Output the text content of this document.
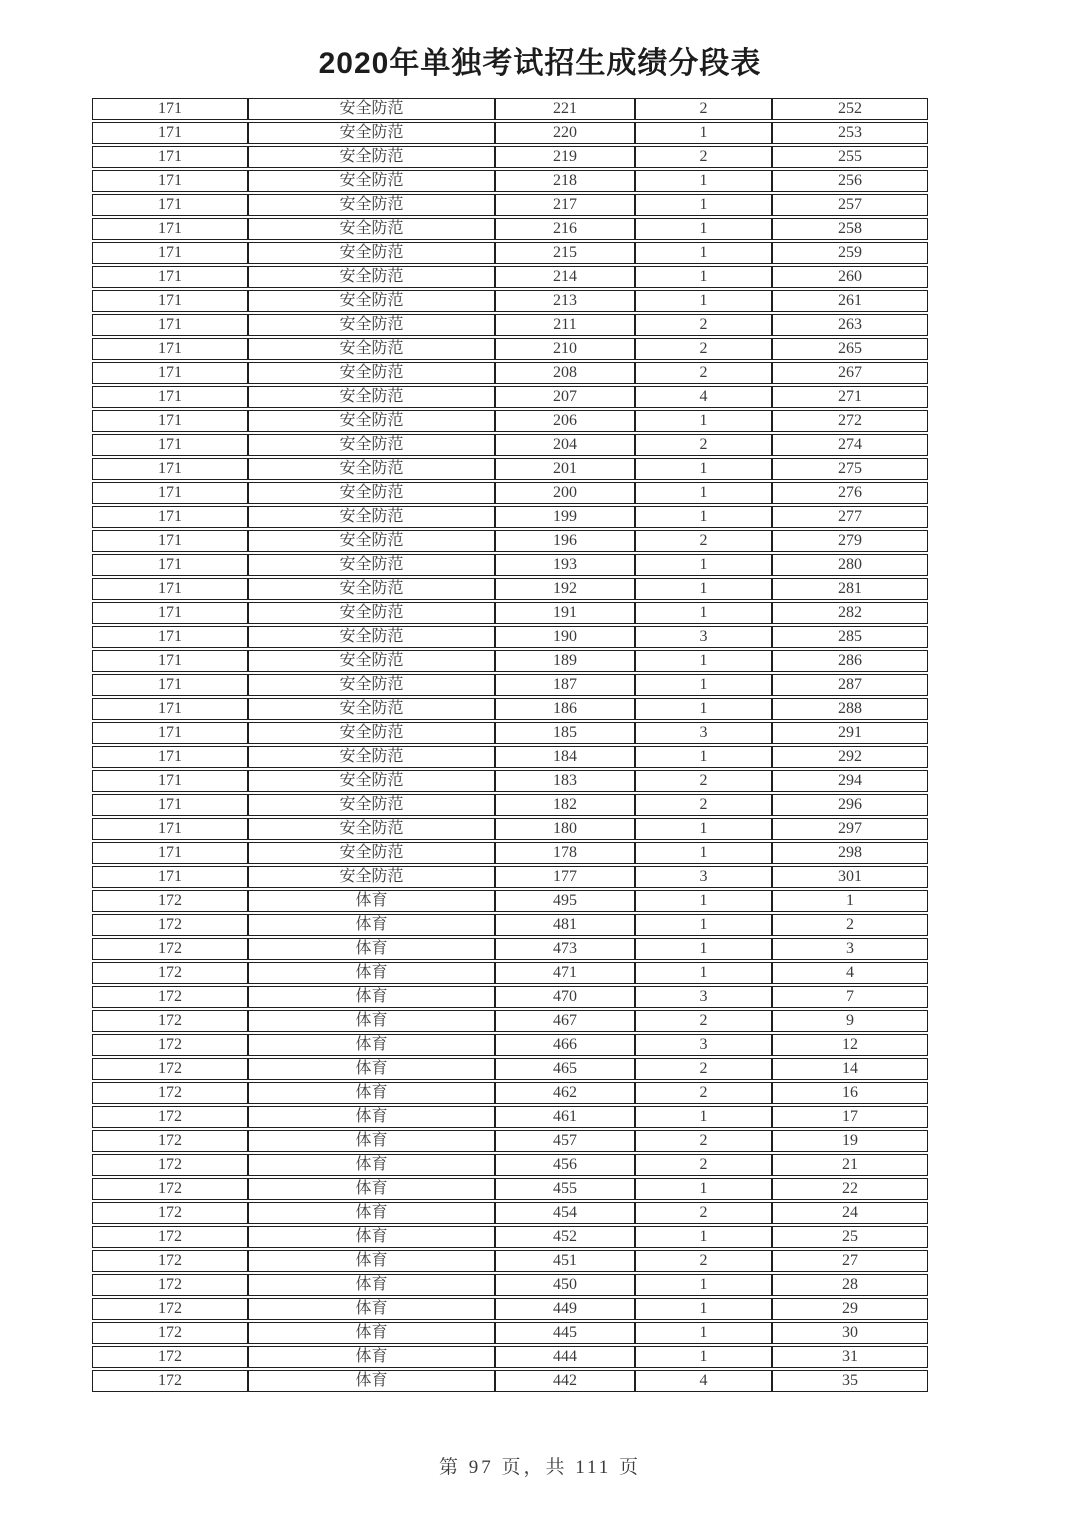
2020年单独考试招生成绩分段表
171	安全防范	221	2	252
171	安全防范	220	1	253
171	安全防范	219	2	255
171	安全防范	218	1	256
171	安全防范	217	1	257
171	安全防范	216	1	258
171	安全防范	215	1	259
171	安全防范	214	1	260
171	安全防范	213	1	261
171	安全防范	211	2	263
171	安全防范	210	2	265
171	安全防范	208	2	267
171	安全防范	207	4	271
171	安全防范	206	1	272
171	安全防范	204	2	274
171	安全防范	201	1	275
171	安全防范	200	1	276
171	安全防范	199	1	277
171	安全防范	196	2	279
171	安全防范	193	1	280
171	安全防范	192	1	281
171	安全防范	191	1	282
171	安全防范	190	3	285
171	安全防范	189	1	286
171	安全防范	187	1	287
171	安全防范	186	1	288
171	安全防范	185	3	291
171	安全防范	184	1	292
171	安全防范	183	2	294
171	安全防范	182	2	296
171	安全防范	180	1	297
171	安全防范	178	1	298
171	安全防范	177	3	301
172	体育	495	1	1
172	体育	481	1	2
172	体育	473	1	3
172	体育	471	1	4
172	体育	470	3	7
172	体育	467	2	9
172	体育	466	3	12
172	体育	465	2	14
172	体育	462	2	16
172	体育	461	1	17
172	体育	457	2	19
172	体育	456	2	21
172	体育	455	1	22
172	体育	454	2	24
172	体育	452	1	25
172	体育	451	2	27
172	体育	450	1	28
172	体育	449	1	29
172	体育	445	1	30
172	体育	444	1	31
172	体育	442	4	35
第 97 页，共 111 页
